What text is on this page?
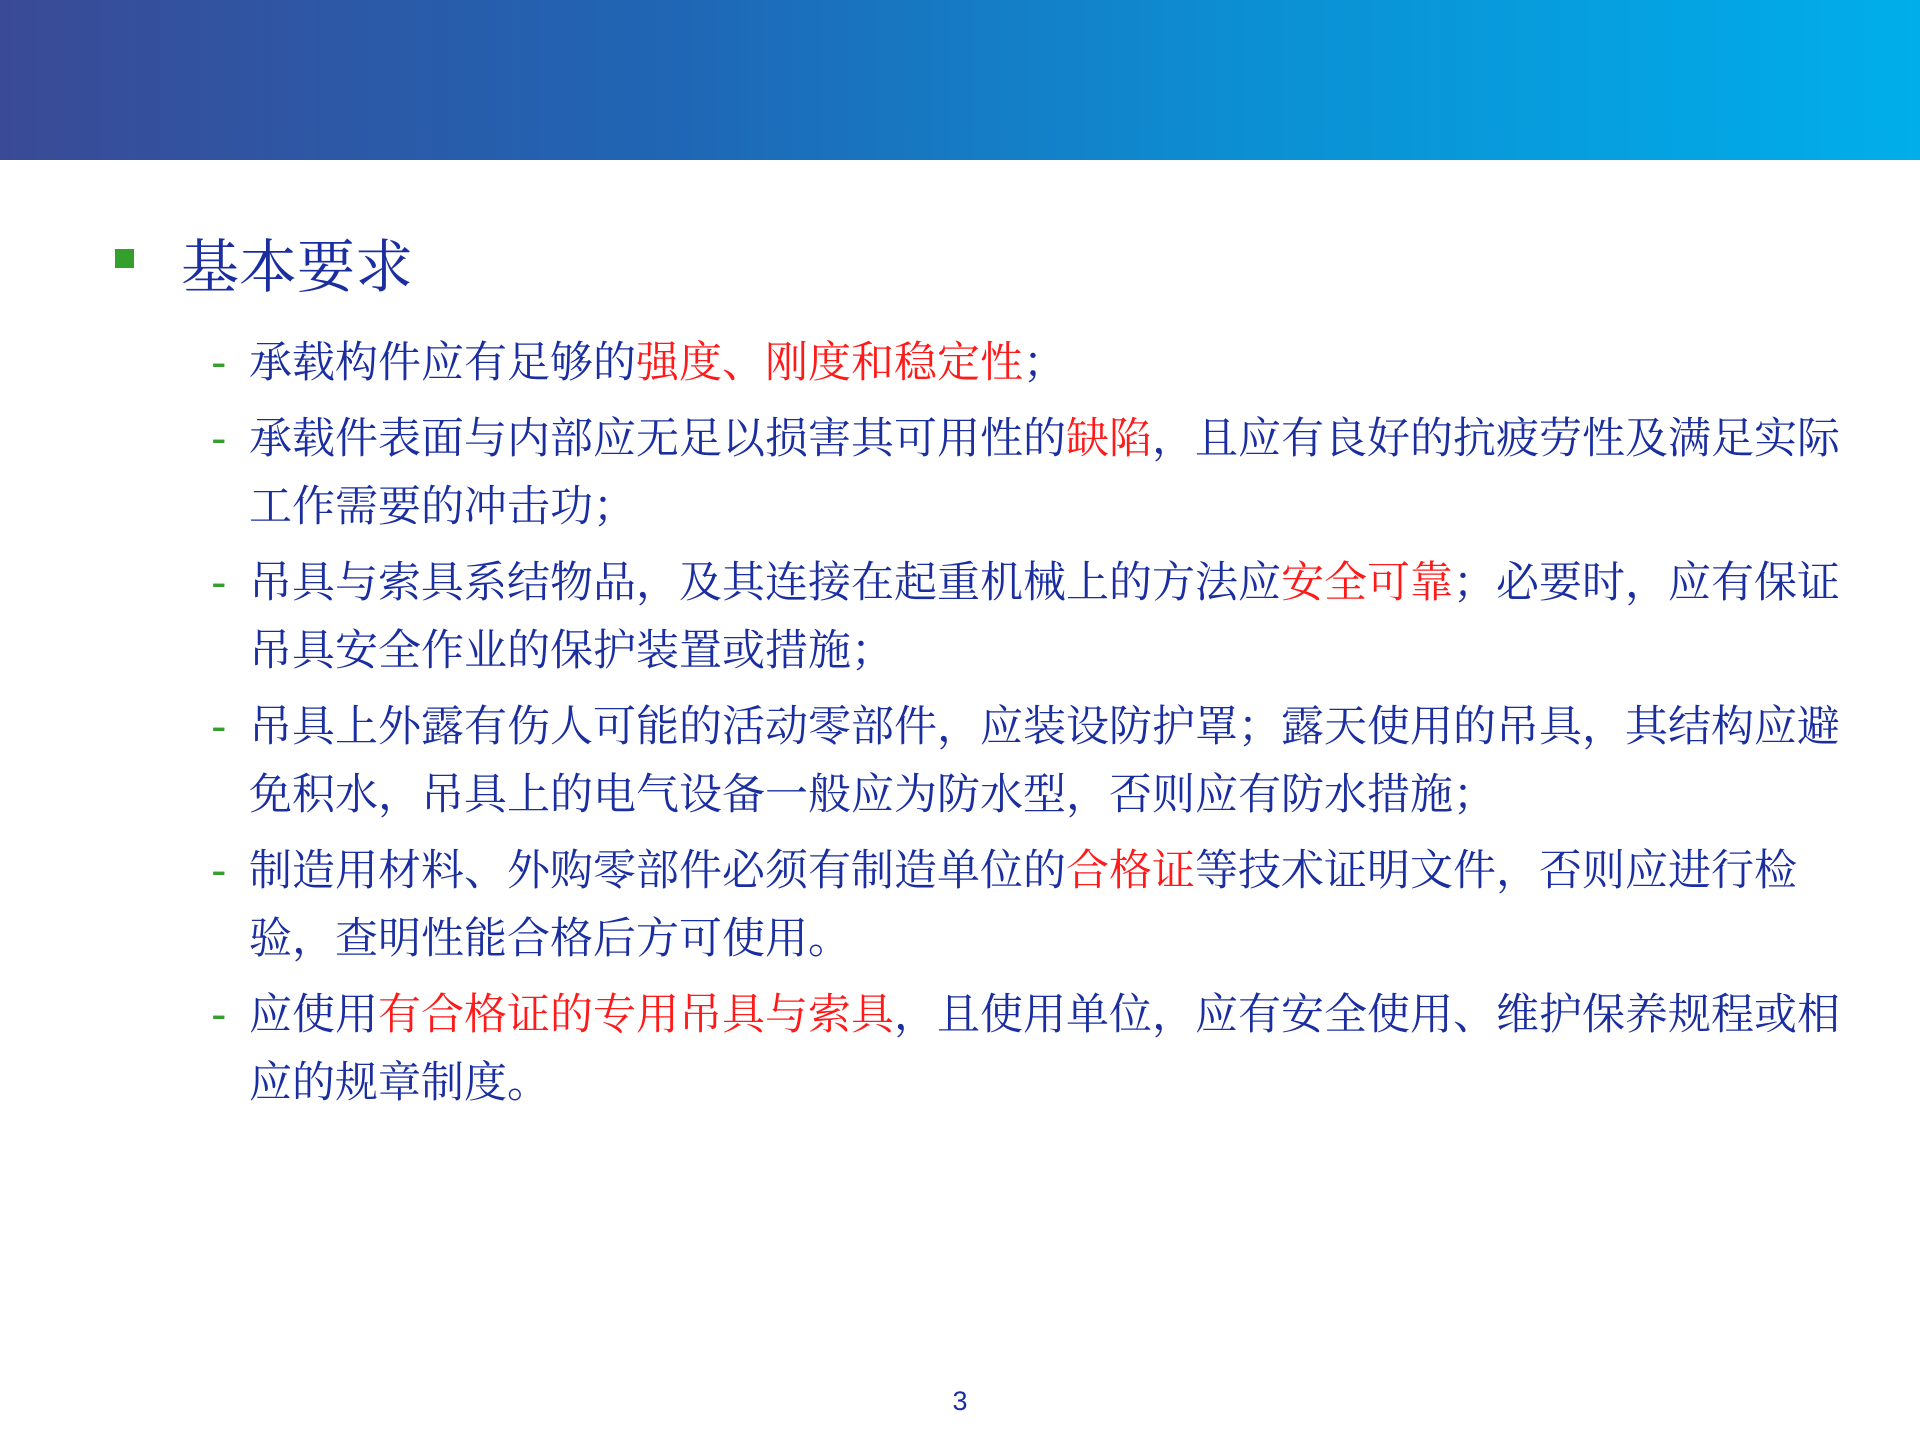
基本要求
- 承载构件应有足够的强度、刚度和稳定性；
- 承载件表面与内部应无足以损害其可用性的缺陷，且应有良好的抗疲劳性及满足实际工作需要的冲击功；
- 吊具与索具系结物品，及其连接在起重机械上的方法应安全可靠；必要时，应有保证吊具安全作业的保护装置或措施；
- 吊具上外露有伤人可能的活动零部件，应装设防护罩；露天使用的吊具，其结构应避免积水，吊具上的电气设备一般应为防水型，否则应有防水措施；
- 制造用材料、外购零部件必须有制造单位的合格证等技术证明文件，否则应进行检验，查明性能合格后方可使用。
- 应使用有合格证的专用吊具与索具，且使用单位，应有安全使用、维护保养规程或相应的规章制度。
3
